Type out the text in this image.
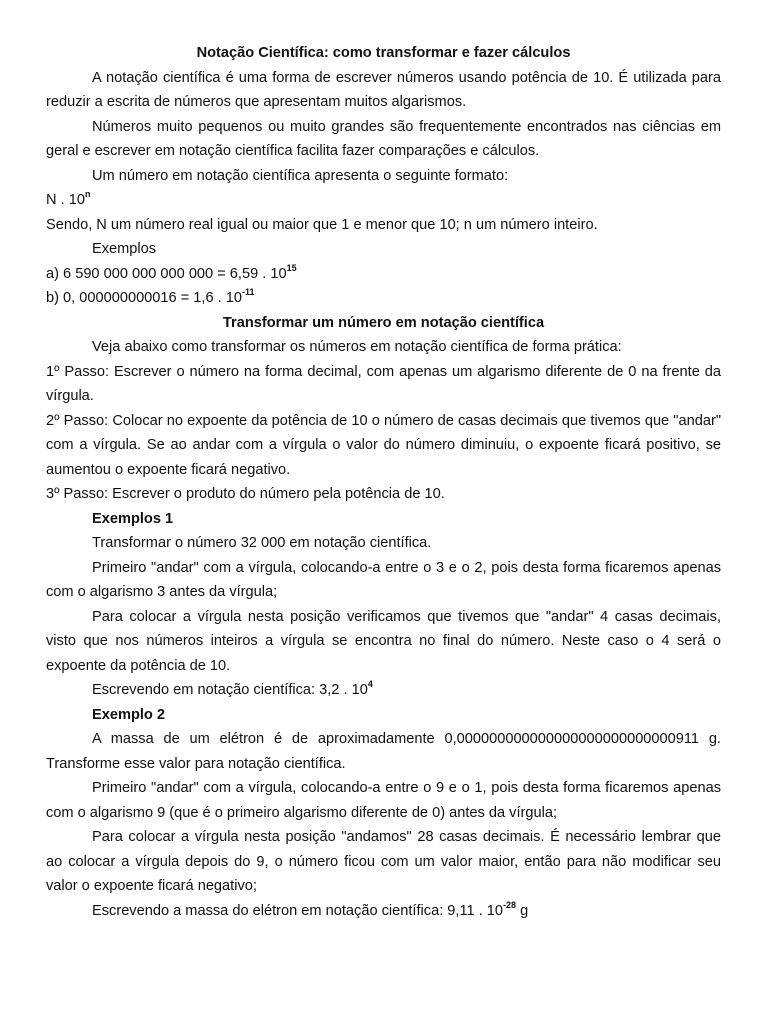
Notação Científica: como transformar e fazer cálculos

A notação científica é uma forma de escrever números usando potência de 10. É utilizada para reduzir a escrita de números que apresentam muitos algarismos.

Números muito pequenos ou muito grandes são frequentemente encontrados nas ciências em geral e escrever em notação científica facilita fazer comparações e cálculos.

Um número em notação científica apresenta o seguinte formato:

N . 10$^n$

Sendo, N um número real igual ou maior que 1 e menor que 10; n um número inteiro.

Exemplos

a) 6 590 000 000 000 000 = 6,59 . $10^{15}$

b) 0, 000000000016 = 1,6 . $10^{-11}$

Transformar um número em notação científica

Veja abaixo como transformar os números em notação científica de forma prática:

1º Passo: Escrever o número na forma decimal, com apenas um algarismo diferente de 0 na frente da vírgula.

2º Passo: Colocar no expoente da potência de 10 o número de casas decimais que tivemos que "andar" com a vírgula. Se ao andar com a vírgula o valor do número diminuiu, o expoente ficará positivo, se aumentou o expoente ficará negativo.

3º Passo: Escrever o produto do número pela potência de 10.

Exemplos 1

Transformar o número 32 000 em notação científica.

Primeiro "andar" com a vírgula, colocando-a entre o 3 e o 2, pois desta forma ficaremos apenas com o algarismo 3 antes da vírgula;

Para colocar a vírgula nesta posição verificamos que tivemos que "andar" 4 casas decimais, visto que nos números inteiros a vírgula se encontra no final do número. Neste caso o 4 será o expoente da potência de 10.

Escrevendo em notação científica: 3,2 . $10^4$

Exemplo 2

A massa de um elétron é de aproximadamente 0,000000000000000000000000000911 g. Transforme esse valor para notação científica.

Primeiro "andar" com a vírgula, colocando-a entre o 9 e o 1, pois desta forma ficaremos apenas com o algarismo 9 (que é o primeiro algarismo diferente de 0) antes da vírgula;

Para colocar a vírgula nesta posição "andamos" 28 casas decimais. É necessário lembrar que ao colocar a vírgula depois do 9, o número ficou com um valor maior, então para não modificar seu valor o expoente ficará negativo;

Escrevendo a massa do elétron em notação científica: 9,11 . $10^{-28}$ g
